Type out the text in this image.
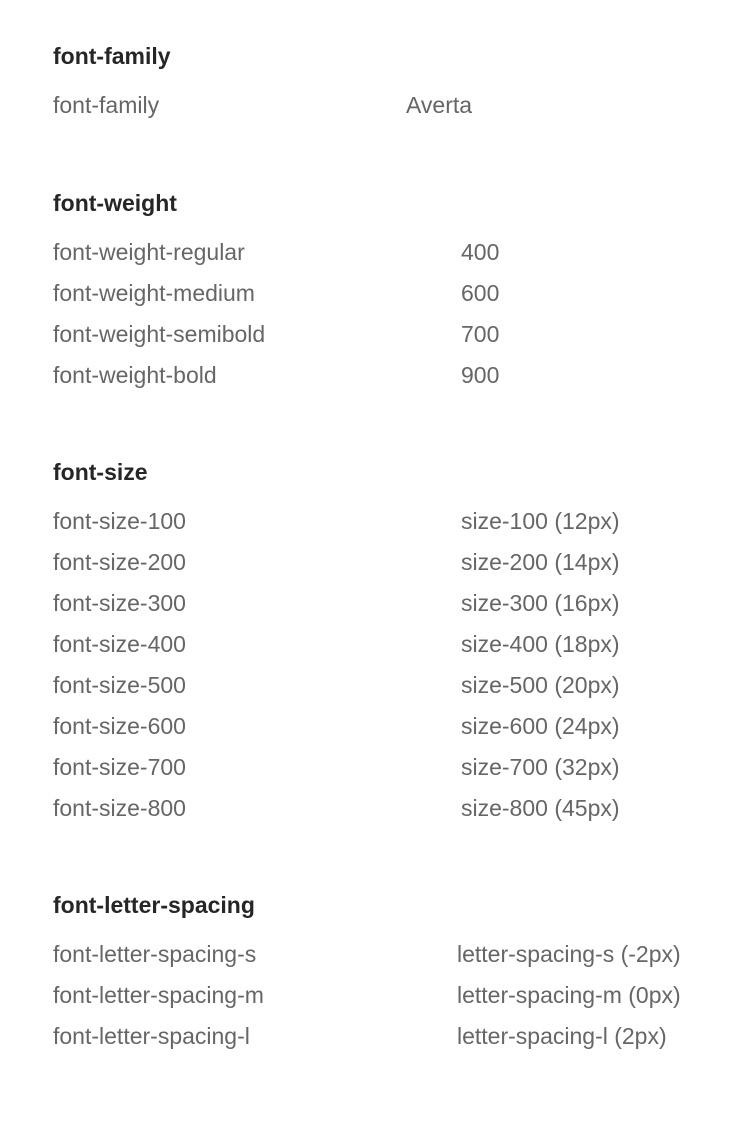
font-family
font-family	Averta
font-weight
font-weight-regular	400
font-weight-medium	600
font-weight-semibold	700
font-weight-bold	900
font-size
font-size-100	size-100 (12px)
font-size-200	size-200 (14px)
font-size-300	size-300 (16px)
font-size-400	size-400 (18px)
font-size-500	size-500 (20px)
font-size-600	size-600 (24px)
font-size-700	size-700 (32px)
font-size-800	size-800 (45px)
font-letter-spacing
font-letter-spacing-s	letter-spacing-s (-2px)
font-letter-spacing-m	letter-spacing-m (0px)
font-letter-spacing-l	letter-spacing-l (2px)
